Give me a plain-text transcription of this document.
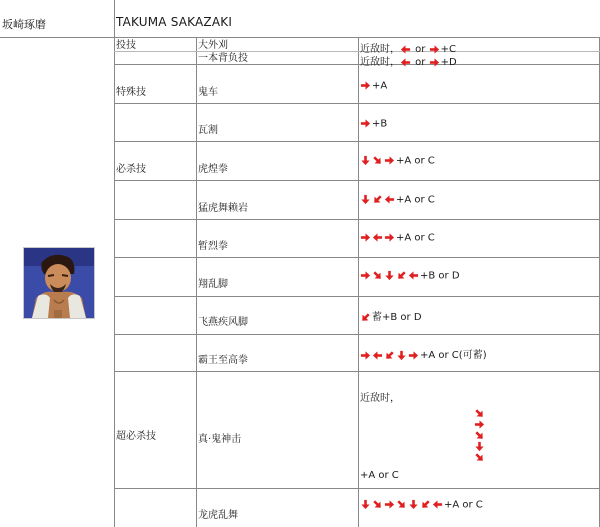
坂崎琢磨	TAKUMA SAKAZAKI
投技
特殊技
必杀技
超必杀技
大外刈
一本背负投
鬼车
瓦割
虎煌拳
猛虎舞赖岩
暂烈拳
翔乱脚
飞燕疾风脚
霸王至高拳
真·鬼神击
龙虎乱舞
近敌时， or +C
近敌时， or +D
+A
+B
+A or C
+A or C
+A or C
+B or D
蓄+B or D
+A or C(可蓄)
近敌时，
+A or C
+A or C
